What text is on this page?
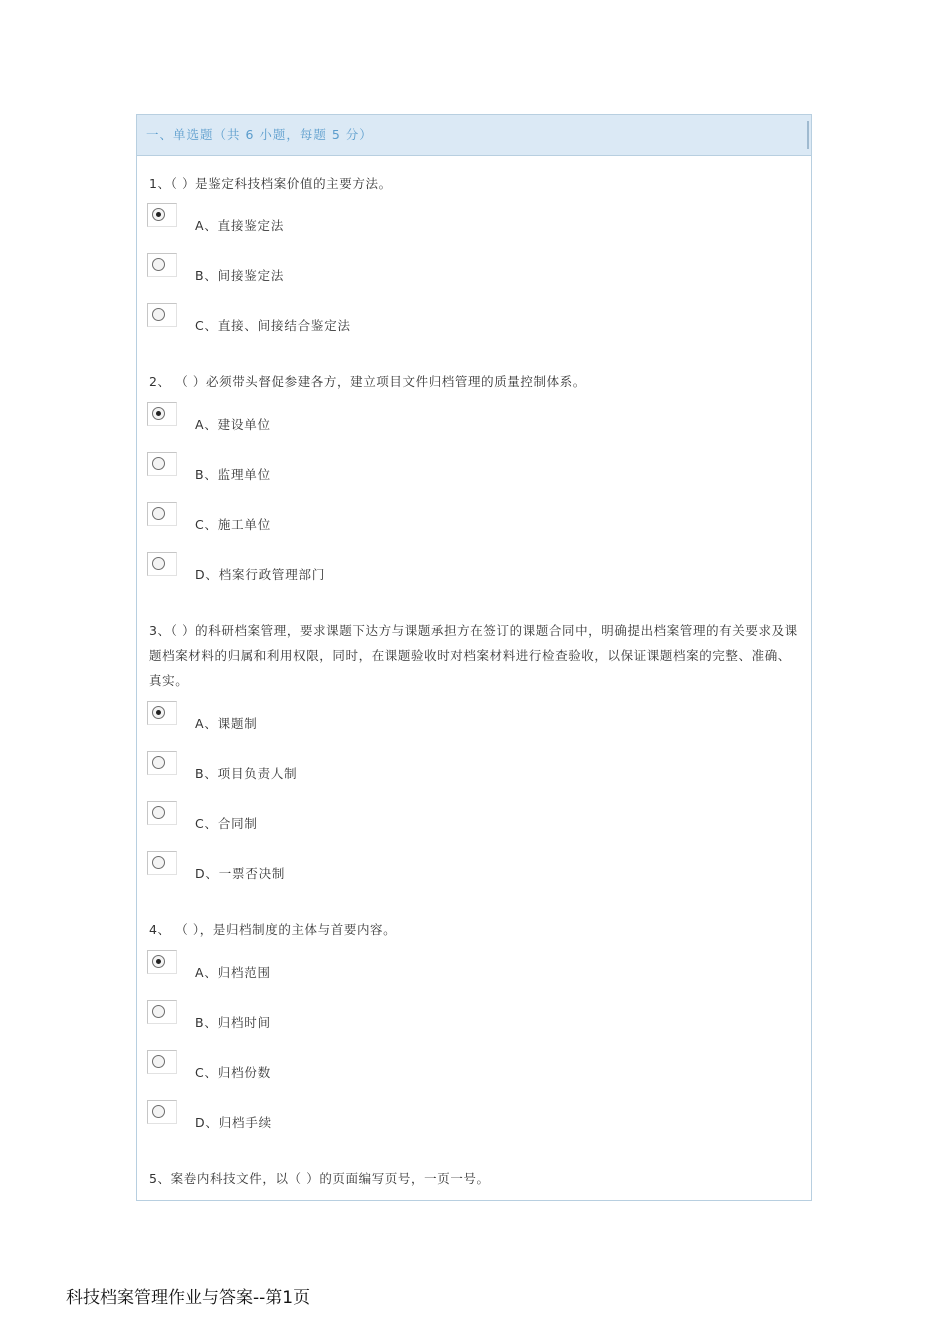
一、单选题（共 6 小题，每题 5 分）
1、（ ）是鉴定科技档案价值的主要方法。
A、直接鉴定法
B、间接鉴定法
C、直接、间接结合鉴定法
2、 （ ）必须带头督促参建各方，建立项目文件归档管理的质量控制体系。
A、建设单位
B、监理单位
C、施工单位
D、档案行政管理部门
3、（ ）的科研档案管理，要求课题下达方与课题承担方在签订的课题合同中，明确提出档案管理的有关要求及课题档案材料的归属和利用权限，同时，在课题验收时对档案材料进行检查验收，以保证课题档案的完整、准确、真实。
A、课题制
B、项目负责人制
C、合同制
D、一票否决制
4、 （ ），是归档制度的主体与首要内容。
A、归档范围
B、归档时间
C、归档份数
D、归档手续
5、案卷内科技文件，以（ ）的页面编写页号，一页一号。
科技档案管理作业与答案--第1页
